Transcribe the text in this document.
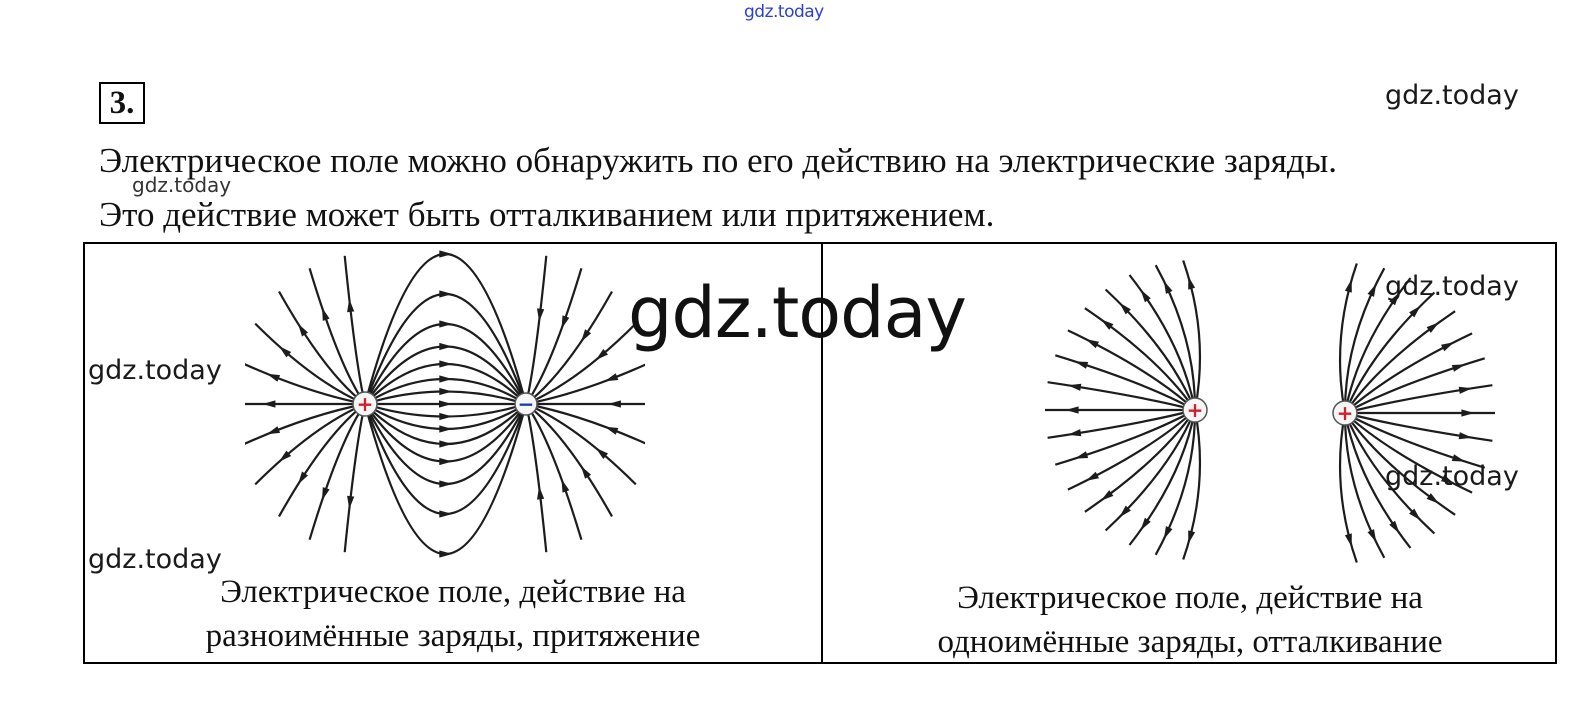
gdz.today
gdz.today
gdz.today
3.
Электрическое поле можно обнаружить по его действию на электрические заряды.
Это действие может быть отталкиванием или притяжением.
+	−	+	+
Электрическое поле, действие на
разноимённые заряды, притяжение
Электрическое поле, действие на
одноимённые заряды, отталкивание
gdz.today
gdz.today
gdz.today
gdz.today
gdz.today
